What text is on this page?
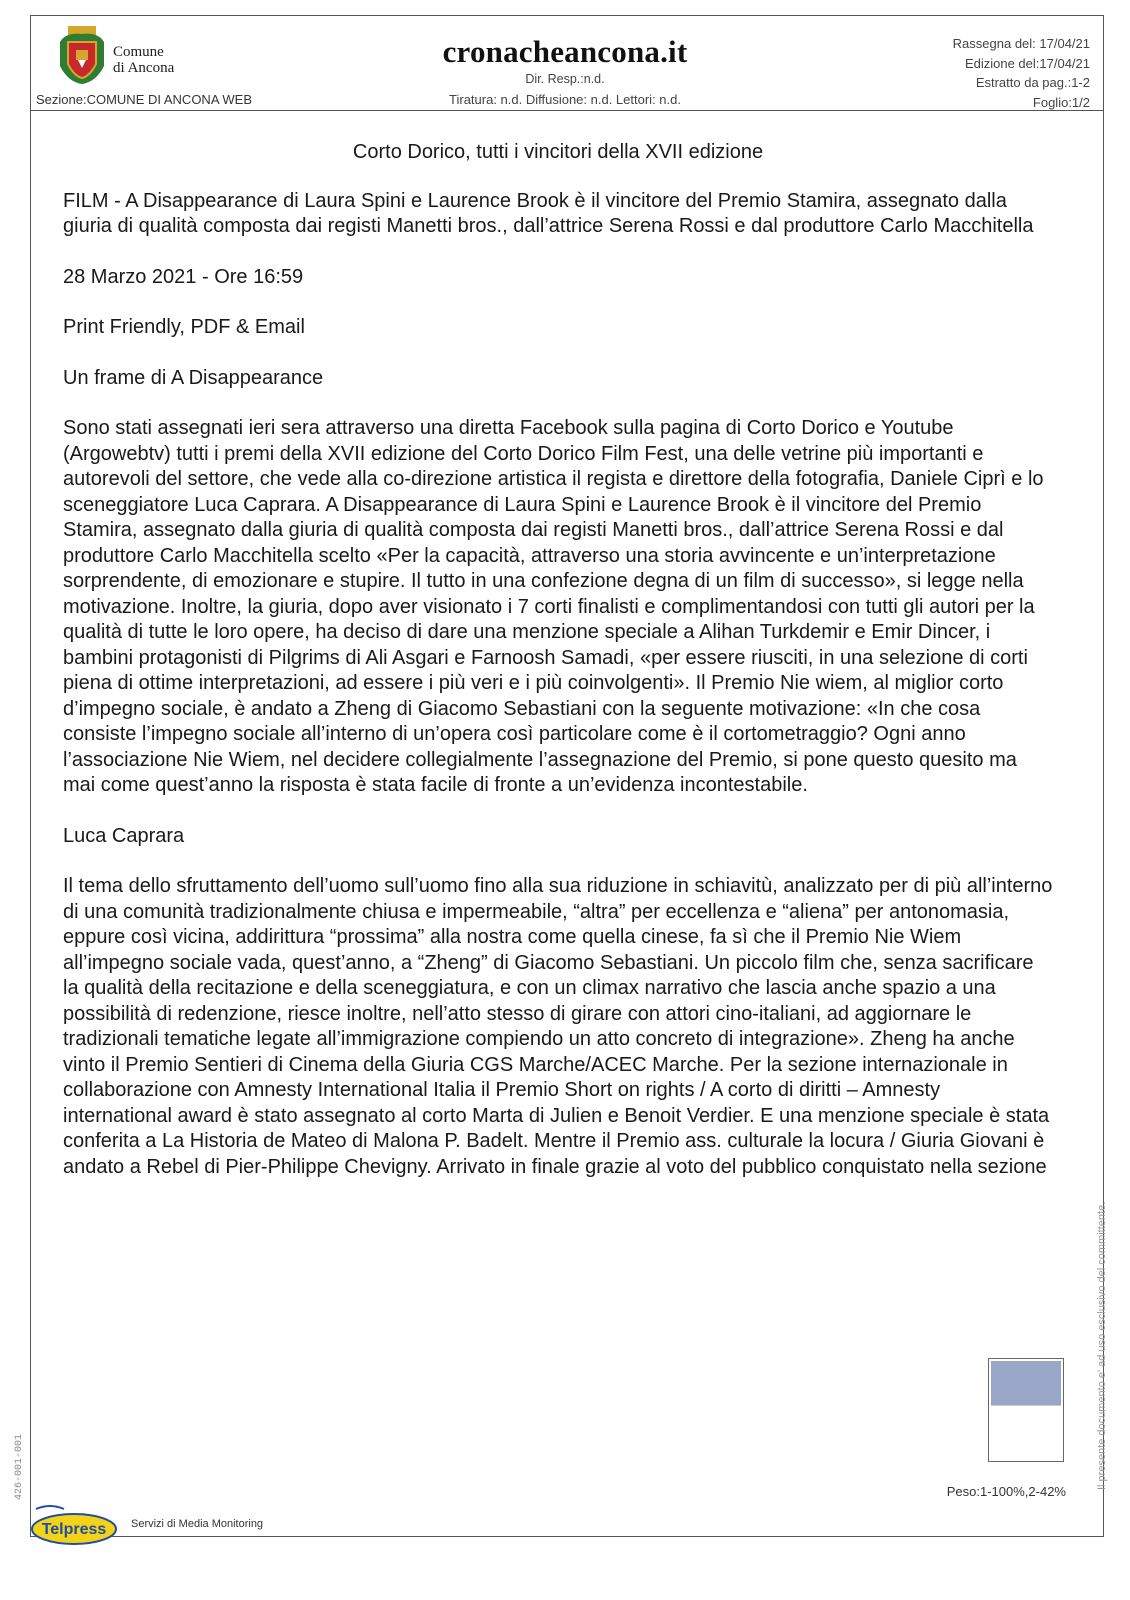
Comune
di Ancona
Sezione:COMUNE DI ANCONA WEB
cronacheancona.it
Dir. Resp.:n.d.
Tiratura: n.d. Diffusione: n.d. Lettori: n.d.
Rassegna del: 17/04/21
Edizione del:17/04/21
Estratto da pag.:1-2
Foglio:1/2
Corto Dorico, tutti i vincitori della XVII edizione

FILM - A Disappearance di Laura Spini e Laurence Brook è il vincitore del Premio Stamira, assegnato dalla giuria di qualità composta dai registi Manetti bros., dall’attrice Serena Rossi e dal produttore Carlo Macchitella

28 Marzo 2021 - Ore 16:59

Print Friendly, PDF & Email

Un frame di A Disappearance

Sono stati assegnati ieri sera attraverso una diretta Facebook sulla pagina di Corto Dorico e Youtube (Argowebtv) tutti i premi della XVII edizione del Corto Dorico Film Fest, una delle vetrine più importanti e autorevoli del settore, che vede alla co-direzione artistica il regista e direttore della fotografia, Daniele Ciprì e lo sceneggiatore Luca Caprara. A Disappearance di Laura Spini e Laurence Brook è il vincitore del Premio Stamira, assegnato dalla giuria di qualità composta dai registi Manetti bros., dall’attrice Serena Rossi e dal produttore Carlo Macchitella scelto «Per la capacità, attraverso una storia avvincente e un’interpretazione sorprendente, di emozionare e stupire. Il tutto in una confezione degna di un film di successo», si legge nella motivazione. Inoltre, la giuria, dopo aver visionato i 7 corti finalisti e complimentandosi con tutti gli autori per la qualità di tutte le loro opere, ha deciso di dare una menzione speciale a Alihan Turkdemir e Emir Dincer, i bambini protagonisti di Pilgrims di Ali Asgari e Farnoosh Samadi, «per essere riusciti, in una selezione di corti piena di ottime interpretazioni, ad essere i più veri e i più coinvolgenti». Il Premio Nie wiem, al miglior corto d’impegno sociale, è andato a Zheng di Giacomo Sebastiani con la seguente motivazione: «In che cosa consiste l’impegno sociale all’interno di un’opera così particolare come è il cortometraggio? Ogni anno l’associazione Nie Wiem, nel decidere collegialmente l’assegnazione del Premio, si pone questo quesito ma mai come quest’anno la risposta è stata facile di fronte a un’evidenza incontestabile.

Luca Caprara

Il tema dello sfruttamento dell’uomo sull’uomo fino alla sua riduzione in schiavitù, analizzato per di più all’interno di una comunità tradizionalmente chiusa e impermeabile, “altra” per eccellenza e “aliena” per antonomasia, eppure così vicina, addirittura “prossima” alla nostra come quella cinese, fa sì che il Premio Nie Wiem all’impegno sociale vada, quest’anno, a “Zheng” di Giacomo Sebastiani. Un piccolo film che, senza sacrificare la qualità della recitazione e della sceneggiatura, e con un climax narrativo che lascia anche spazio a una possibilità di redenzione, riesce inoltre, nell’atto stesso di girare con attori cino-italiani, ad aggiornare le tradizionali tematiche legate all’immigrazione compiendo un atto concreto di integrazione». Zheng ha anche vinto il Premio Sentieri di Cinema della Giuria CGS Marche/ACEC Marche. Per la sezione internazionale in collaborazione con Amnesty International Italia il Premio Short on rights / A corto di diritti – Amnesty international award è stato assegnato al corto Marta di Julien e Benoit Verdier. E una menzione speciale è stata conferita a La Historia de Mateo di Malona P. Badelt. Mentre il Premio ass. culturale la locura / Giuria Giovani è andato a Rebel di Pier-Philippe Chevigny. Arrivato in finale grazie al voto del pubblico conquistato nella sezione

Il presente documento e' ad uso esclusivo del committente.
426-001-001	Peso:1-100%,2-42%
Telpress Servizi di Media Monitoring
